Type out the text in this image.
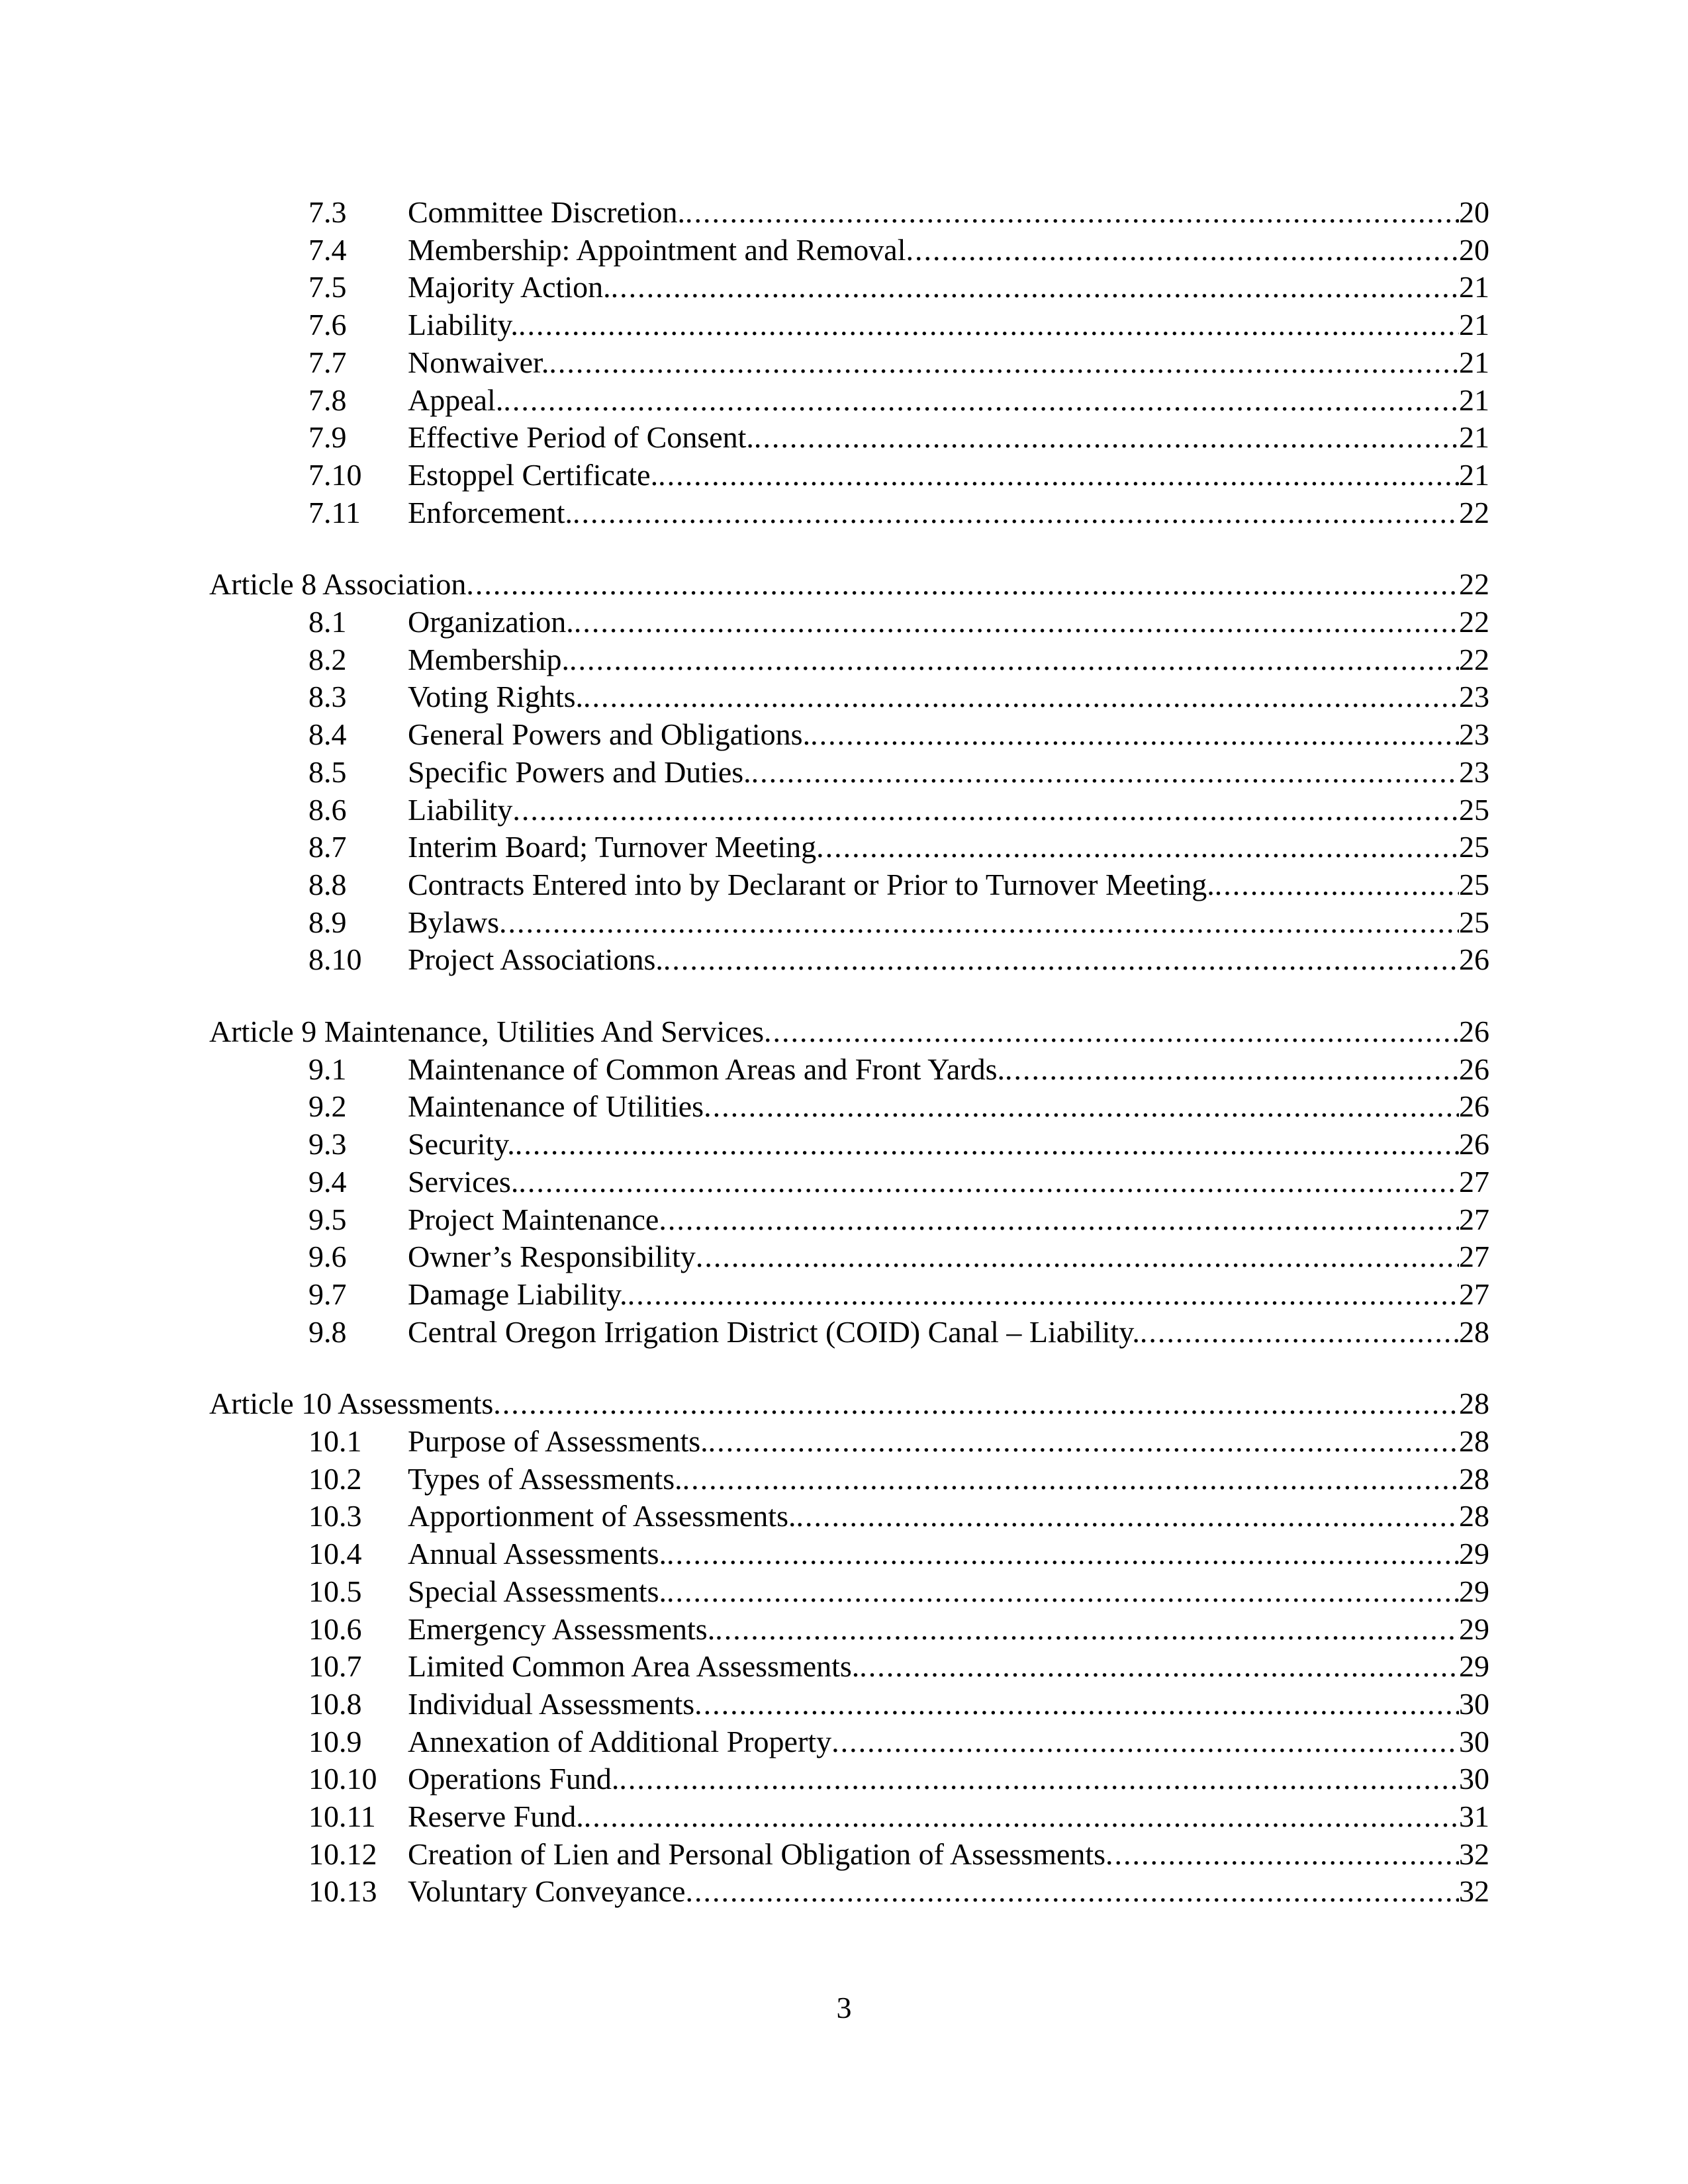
7.3	Committee Discretion. .....	20
7.4	Membership: Appointment and Removal .....	20
7.5	Majority Action. .....	21
7.6	Liability. .....	21
7.7	Nonwaiver. .....	21
7.8	Appeal. .....	21
7.9	Effective Period of Consent. .....	21
7.10	Estoppel Certificate. .....	21
7.11	Enforcement. .....	22
Article 8 Association .....	22
8.1	Organization. .....	22
8.2	Membership. .....	22
8.3	Voting Rights. .....	23
8.4	General Powers and Obligations. .....	23
8.5	Specific Powers and Duties. .....	23
8.6	Liability .....	25
8.7	Interim Board; Turnover Meeting .....	25
8.8	Contracts Entered into by Declarant or Prior to Turnover Meeting. .....	25
8.9	Bylaws .....	25
8.10	Project Associations. .....	26
Article 9 Maintenance, Utilities And Services .....	26
9.1	Maintenance of Common Areas and Front Yards. .....	26
9.2	Maintenance of Utilities .....	26
9.3	Security. .....	26
9.4	Services. .....	27
9.5	Project Maintenance .....	27
9.6	Owner’s Responsibility .....	27
9.7	Damage Liability. .....	27
9.8	Central Oregon Irrigation District (COID) Canal – Liability. .....	28
Article 10 Assessments .....	28
10.1	Purpose of Assessments. .....	28
10.2	Types of Assessments. .....	28
10.3	Apportionment of Assessments. .....	28
10.4	Annual Assessments. .....	29
10.5	Special Assessments. .....	29
10.6	Emergency Assessments. .....	29
10.7	Limited Common Area Assessments. .....	29
10.8	Individual Assessments .....	30
10.9	Annexation of Additional Property .....	30
10.10	Operations Fund. .....	30
10.11	Reserve Fund. .....	31
10.12	Creation of Lien and Personal Obligation of Assessments .....	32
10.13	Voluntary Conveyance .....	32
3
